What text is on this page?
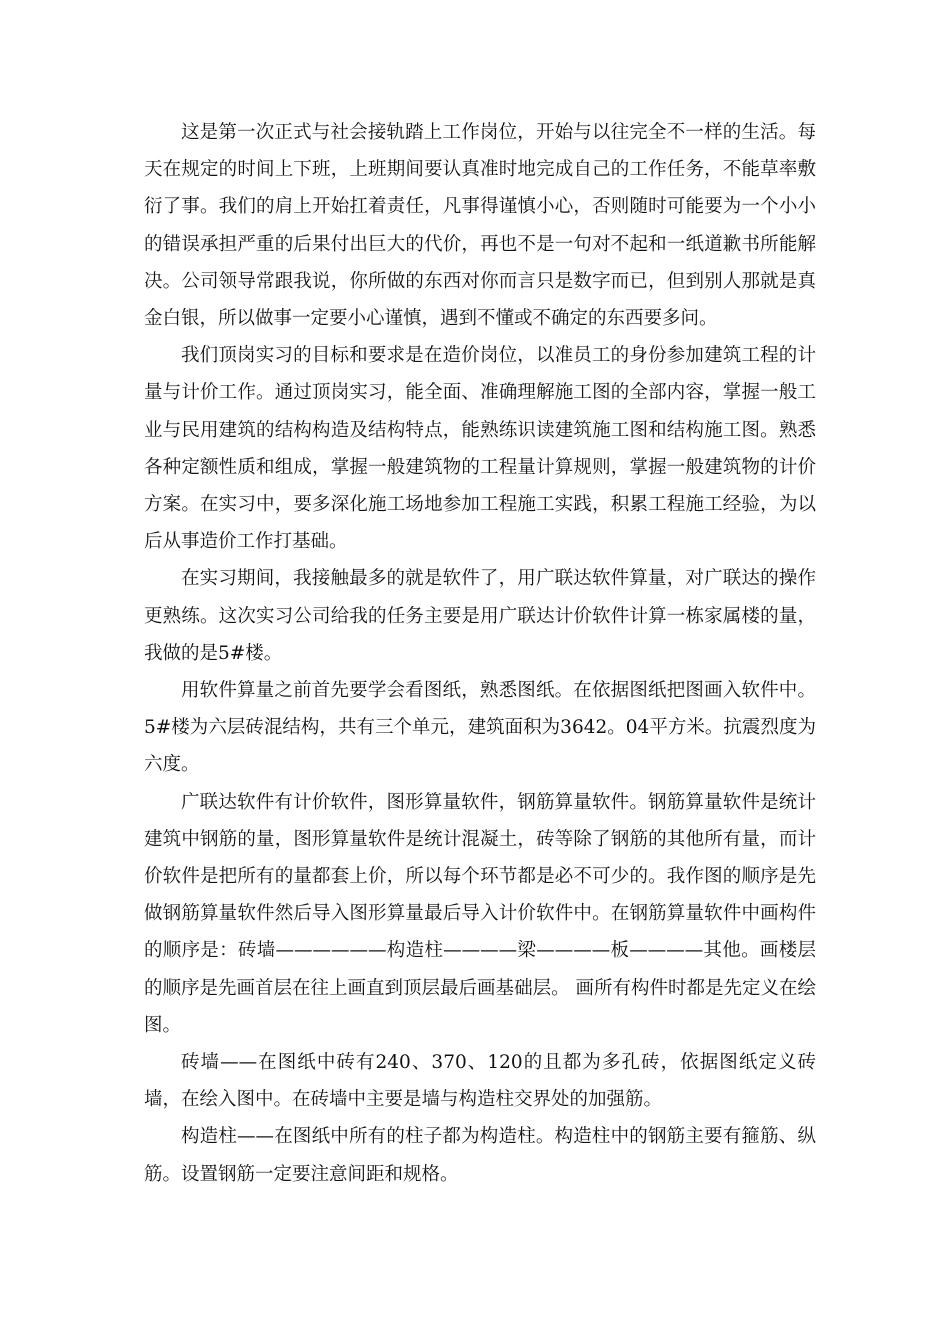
这是第一次正式与社会接轨踏上工作岗位，开始与以往完全不一样的生活。每天在规定的时间上下班，上班期间要认真准时地完成自己的工作任务，不能草率敷衍了事。我们的肩上开始扛着责任，凡事得谨慎小心，否则随时可能要为一个小小的错误承担严重的后果付出巨大的代价，再也不是一句对不起和一纸道歉书所能解决。公司领导常跟我说，你所做的东西对你而言只是数字而已，但到别人那就是真金白银，所以做事一定要小心谨慎，遇到不懂或不确定的东西要多问。

我们顶岗实习的目标和要求是在造价岗位，以准员工的身份参加建筑工程的计量与计价工作。通过顶岗实习，能全面、准确理解施工图的全部内容，掌握一般工业与民用建筑的结构构造及结构特点，能熟练识读建筑施工图和结构施工图。熟悉各种定额性质和组成，掌握一般建筑物的工程量计算规则，掌握一般建筑物的计价方案。在实习中，要多深化施工场地参加工程施工实践，积累工程施工经验，为以后从事造价工作打基础。

在实习期间，我接触最多的就是软件了，用广联达软件算量，对广联达的操作更熟练。这次实习公司给我的任务主要是用广联达计价软件计算一栋家属楼的量，我做的是5#楼。

用软件算量之前首先要学会看图纸，熟悉图纸。在依据图纸把图画入软件中。5#楼为六层砖混结构，共有三个单元，建筑面积为3642。04平方米。抗震烈度为六度。

广联达软件有计价软件，图形算量软件，钢筋算量软件。钢筋算量软件是统计建筑中钢筋的量，图形算量软件是统计混凝土，砖等除了钢筋的其他所有量，而计价软件是把所有的量都套上价，所以每个环节都是必不可少的。我作图的顺序是先做钢筋算量软件然后导入图形算量最后导入计价软件中。在钢筋算量软件中画构件的顺序是：砖墙——————构造柱————梁————板————其他。画楼层的顺序是先画首层在往上画直到顶层最后画基础层。 画所有构件时都是先定义在绘图。

砖墙——在图纸中砖有240、370、120的且都为多孔砖，依据图纸定义砖墙，在绘入图中。在砖墙中主要是墙与构造柱交界处的加强筋。

构造柱——在图纸中所有的柱子都为构造柱。构造柱中的钢筋主要有箍筋、纵筋。设置钢筋一定要注意间距和规格。
